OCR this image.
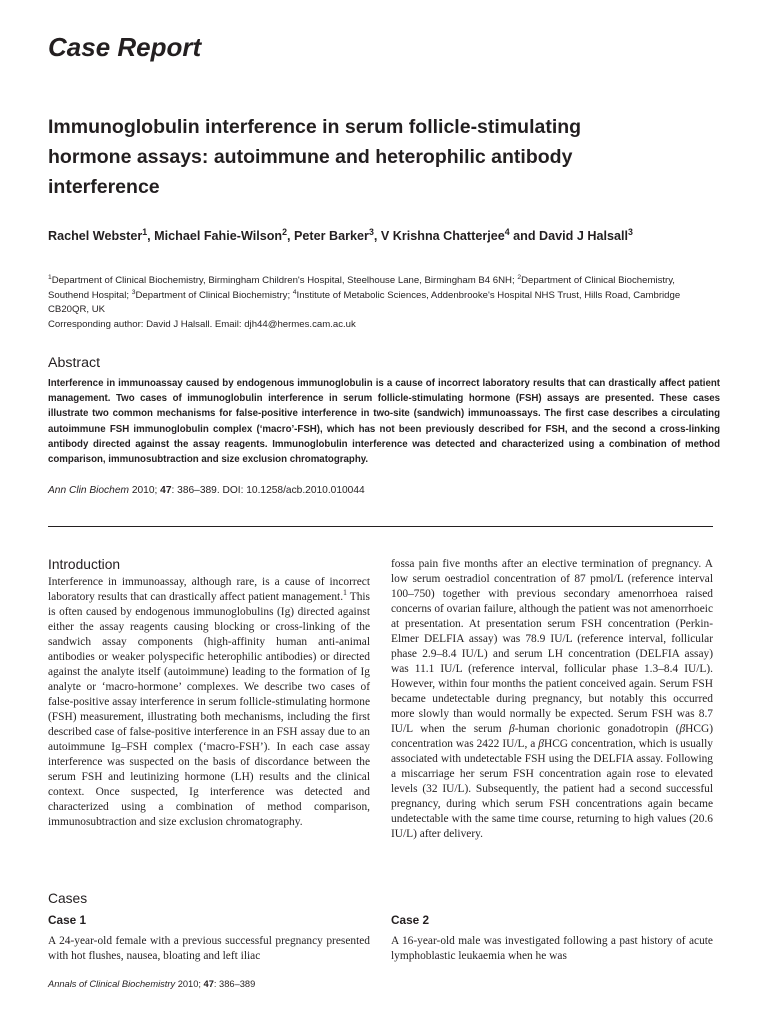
Case Report
Immunoglobulin interference in serum follicle-stimulating hormone assays: autoimmune and heterophilic antibody interference
Rachel Webster$^1$, Michael Fahie-Wilson$^2$, Peter Barker$^3$, V Krishna Chatterjee$^4$ and David J Halsall$^3$
$^1$Department of Clinical Biochemistry, Birmingham Children's Hospital, Steelhouse Lane, Birmingham B4 6NH; $^2$Department of Clinical Biochemistry, Southend Hospital; $^3$Department of Clinical Biochemistry; $^4$Institute of Metabolic Sciences, Addenbrooke's Hospital NHS Trust, Hills Road, Cambridge CB20QR, UK
Corresponding author: David J Halsall. Email: djh44@hermes.cam.ac.uk
Abstract
Interference in immunoassay caused by endogenous immunoglobulin is a cause of incorrect laboratory results that can drastically affect patient management. Two cases of immunoglobulin interference in serum follicle-stimulating hormone (FSH) assays are presented. These cases illustrate two common mechanisms for false-positive interference in two-site (sandwich) immunoassays. The first case describes a circulating autoimmune FSH immunoglobulin complex (‘macro’-FSH), which has not been previously described for FSH, and the second a cross-linking antibody directed against the assay reagents. Immunoglobulin interference was detected and characterized using a combination of method comparison, immunosubtraction and size exclusion chromatography.
Ann Clin Biochem 2010; 47: 386–389. DOI: 10.1258/acb.2010.010044
Introduction
Interference in immunoassay, although rare, is a cause of incorrect laboratory results that can drastically affect patient management.$^1$ This is often caused by endogenous immunoglobulins (Ig) directed against either the assay reagents causing blocking or cross-linking of the sandwich assay components (high-affinity human anti-animal antibodies or weaker polyspecific heterophilic antibodies) or directed against the analyte itself (autoimmune) leading to the formation of Ig analyte or ‘macro-hormone’ complexes. We describe two cases of false-positive assay interference in serum follicle-stimulating hormone (FSH) measurement, illustrating both mechanisms, including the first described case of false-positive interference in an FSH assay due to an autoimmune Ig–FSH complex (‘macro-FSH’). In each case assay interference was suspected on the basis of discordance between the serum FSH and leutinizing hormone (LH) results and the clinical context. Once suspected, Ig interference was detected and characterized using a combination of method comparison, immunosubtraction and size exclusion chromatography.
Cases
Case 1
A 24-year-old female with a previous successful pregnancy presented with hot flushes, nausea, bloating and left iliac
fossa pain five months after an elective termination of pregnancy. A low serum oestradiol concentration of 87 pmol/L (reference interval 100–750) together with previous secondary amenorrhoea raised concerns of ovarian failure, although the patient was not amenorrhoeic at presentation. At presentation serum FSH concentration (Perkin-Elmer DELFIA assay) was 78.9 IU/L (reference interval, follicular phase 2.9–8.4 IU/L) and serum LH concentration (DELFIA assay) was 11.1 IU/L (reference interval, follicular phase 1.3–8.4 IU/L). However, within four months the patient conceived again. Serum FSH became undetectable during pregnancy, but notably this occurred more slowly than would normally be expected. Serum FSH was 8.7 IU/L when the serum β-human chorionic gonadotropin (βHCG) concentration was 2422 IU/L, a βHCG concentration, which is usually associated with undetectable FSH using the DELFIA assay. Following a miscarriage her serum FSH concentration again rose to elevated levels (32 IU/L). Subsequently, the patient had a second successful pregnancy, during which serum FSH concentrations again became undetectable with the same time course, returning to high values (20.6 IU/L) after delivery.
Case 2
A 16-year-old male was investigated following a past history of acute lymphoblastic leukaemia when he was
Annals of Clinical Biochemistry 2010; 47: 386–389
